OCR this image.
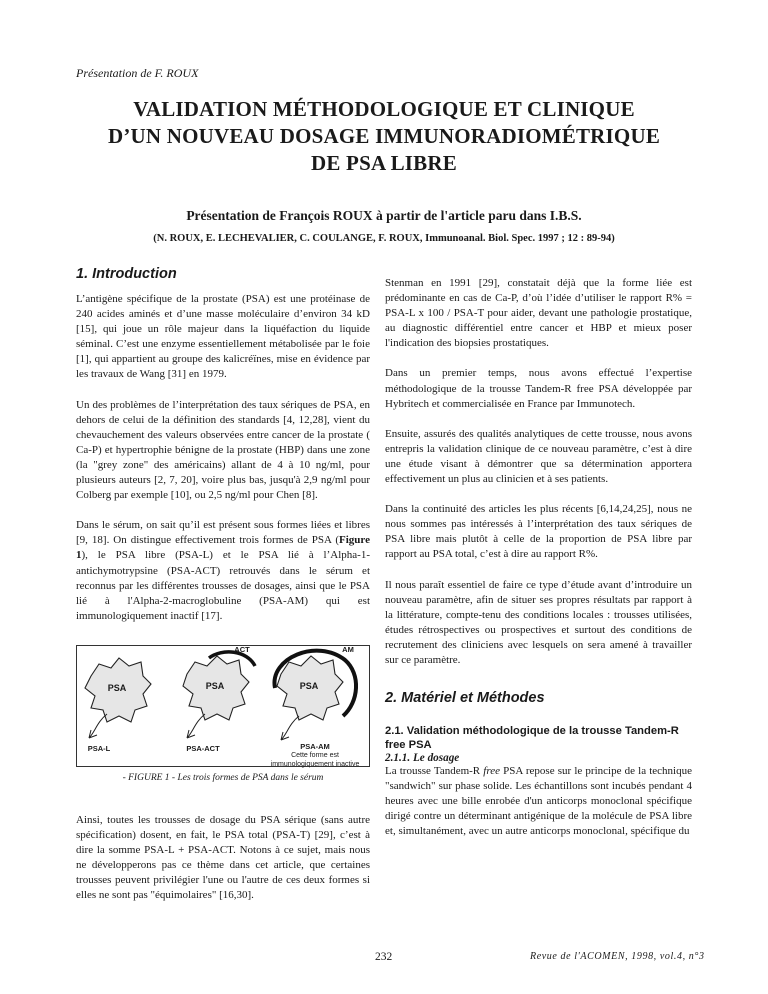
Présentation de F. ROUX
VALIDATION MÉTHODOLOGIQUE ET CLINIQUE
D’UN NOUVEAU DOSAGE IMMUNORADIOMÉTRIQUE
DE PSA LIBRE

Présentation de François ROUX à partir de l'article paru dans I.B.S.

(N. ROUX, E. LECHEVALIER, C. COULANGE, F. ROUX, Immunoanal. Biol. Spec. 1997 ; 12 : 89-94)

1. Introduction

L’antigène spécifique de la prostate (PSA) est une protéinase de 240 acides aminés et d’une masse moléculaire d’environ 34 kD [15], qui joue un rôle majeur dans la liquéfaction du liquide séminal. C’est une enzyme essentiellement métabolisée par le foie [1], qui appartient au groupe des kalicréïnes, mise en évidence par les travaux de Wang [31] en 1979.

Un des problèmes de l’interprétation des taux sériques de PSA, en dehors de celui de la définition des standards [4, 12,28], vient du chevauchement des valeurs observées entre cancer de la prostate ( Ca-P) et hypertrophie bénigne de la prostate (HBP) dans une zone (la "grey zone" des américains) allant de 4 à 10 ng/ml, pour plusieurs auteurs [2, 7, 20], voire plus bas, jusqu'à 2,9 ng/ml pour Colberg par exemple [10], ou 2,5 ng/ml pour Chen [8].

Dans le sérum, on sait qu’il est présent sous formes liées et libres [9, 18]. On distingue effectivement trois formes de PSA (Figure 1), le PSA libre (PSA-L) et le PSA lié à l’Alpha-1-antichymotrypsine (PSA-ACT) retrouvés dans le sérum et reconnus par les différentes trousses de dosages, ainsi que le PSA lié à l'Alpha-2-macroglobuline (PSA-AM) qui est immunologiquement inactif [17].

PSA	PSA	PSA
ACT	AM
PSA-L	PSA-ACT	PSA-AM
Cette forme est immunologiquement inactive
- FIGURE 1 - Les trois formes de PSA dans le sérum

Ainsi, toutes les trousses de dosage du PSA sérique (sans autre spécification) dosent, en fait, le PSA total (PSA-T) [29], c’est à dire la somme PSA-L + PSA-ACT. Notons à ce sujet, mais nous ne développerons pas ce thème dans cet article, que certaines trousses peuvent privilégier l'une ou l'autre de ces deux formes si elles ne sont pas "équimolaires" [16,30].

Stenman en 1991 [29], constatait déjà que la forme liée est prédominante en cas de Ca-P, d’où l’idée d’utiliser le rapport R% = PSA-L x 100 / PSA-T pour aider, devant une pathologie prostatique, au diagnostic différentiel entre cancer et HBP et mieux poser l'indication des biopsies prostatiques.

Dans un premier temps, nous avons effectué l’expertise méthodologique de la trousse Tandem-R free PSA développée par Hybritech et commercialisée en France par Immunotech.

Ensuite, assurés des qualités analytiques de cette trousse, nous avons entrepris la validation clinique de ce nouveau paramètre, c’est à dire une étude visant à démontrer que sa détermination apportera effectivement un plus au clinicien et à ses patients.

Dans la continuité des articles les plus récents [6,14,24,25], nous ne nous sommes pas intéressés à l’interprétation des taux sériques de PSA libre mais plutôt à celle de la proportion de PSA libre par rapport au PSA total, c’est à dire au rapport R%.

Il nous paraît essentiel de faire ce type d’étude avant d’introduire un nouveau paramètre, afin de situer ses propres résultats par rapport à la littérature, compte-tenu des conditions locales : trousses utilisées, études rétrospectives ou prospectives et surtout des conditions de recrutement des cliniciens avec lesquels on sera amené à travailler sur ce paramètre.

2. Matériel et Méthodes

2.1. Validation méthodologique de la trousse Tandem-R free PSA

2.1.1. Le dosage

La trousse Tandem-R free PSA repose sur le principe de la technique "sandwich" sur phase solide. Les échantillons sont incubés pendant 4 heures avec une bille enrobée d'un anticorps monoclonal spécifique dirigé contre un déterminant antigénique de la molécule de PSA libre et, simultanément, avec un autre anticorps monoclonal, spécifique du

232	Revue de l'ACOMEN, 1998, vol.4, n°3
